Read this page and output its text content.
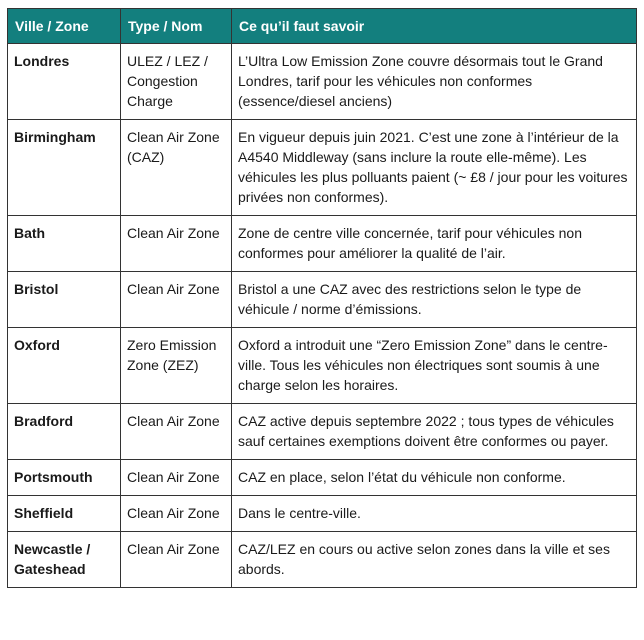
Ville / Zone	Type / Nom	Ce qu’il faut savoir
Londres	ULEZ / LEZ / Congestion Charge	L’Ultra Low Emission Zone couvre désormais tout le Grand Londres, tarif pour les véhicules non conformes (essence/diesel anciens)
Birmingham	Clean Air Zone (CAZ)	En vigueur depuis juin 2021. C’est une zone à l’intérieur de la A4540 Middleway (sans inclure la route elle-même). Les véhicules les plus polluants paient (~ £8 / jour pour les voitures privées non conformes).
Bath	Clean Air Zone	Zone de centre ville concernée, tarif pour véhicules non conformes pour améliorer la qualité de l’air.
Bristol	Clean Air Zone	Bristol a une CAZ avec des restrictions selon le type de véhicule / norme d’émissions.
Oxford	Zero Emission Zone (ZEZ)	Oxford a introduit une “Zero Emission Zone” dans le centre-ville. Tous les véhicules non électriques sont soumis à une charge selon les horaires.
Bradford	Clean Air Zone	CAZ active depuis septembre 2022 ; tous types de véhicules sauf certaines exemptions doivent être conformes ou payer.
Portsmouth	Clean Air Zone	CAZ en place, selon l’état du véhicule non conforme.
Sheffield	Clean Air Zone	Dans le centre-ville.
Newcastle / Gateshead	Clean Air Zone	CAZ/LEZ en cours ou active selon zones dans la ville et ses abords.
